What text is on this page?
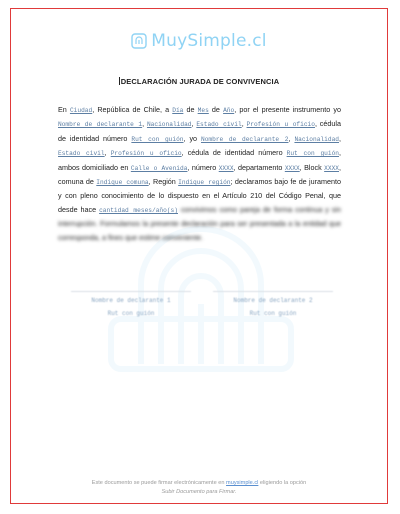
MuySimple.cl
DECLARACIÓN JURADA DE CONVIVENCIA
En Ciudad, República de Chile, a Día de Mes de Año, por el presente instrumento yo Nombre de declarante 1, Nacionalidad, Estado civil, Profesión u oficio, cédula de identidad número Rut con guión, yo Nombre de declarante 2, Nacionalidad, Estado civil, Profesión u oficio, cédula de identidad número Rut con guión, ambos domiciliado en Calle o Avenida, número XXXX, departamento XXXX, Block XXXX, comuna de Indique comuna, Región Indique región; declaramos bajo fe de juramento y con pleno conocimiento de lo dispuesto en el Artículo 210 del Código Penal, que desde hace cantidad meses/año(s) convivimos como pareja de forma continua y sin interrupción. Formulamos la presente declaración para ser presentada a la entidad que corresponda, a fines que estime conveniente.
Nombre de declarante 1
Rut con guión
Nombre de declarante 2
Rut con guión
Este documento se puede firmar electrónicamente en muysimple.cl eligiendo la opción
Subir Documento para Firmar.
